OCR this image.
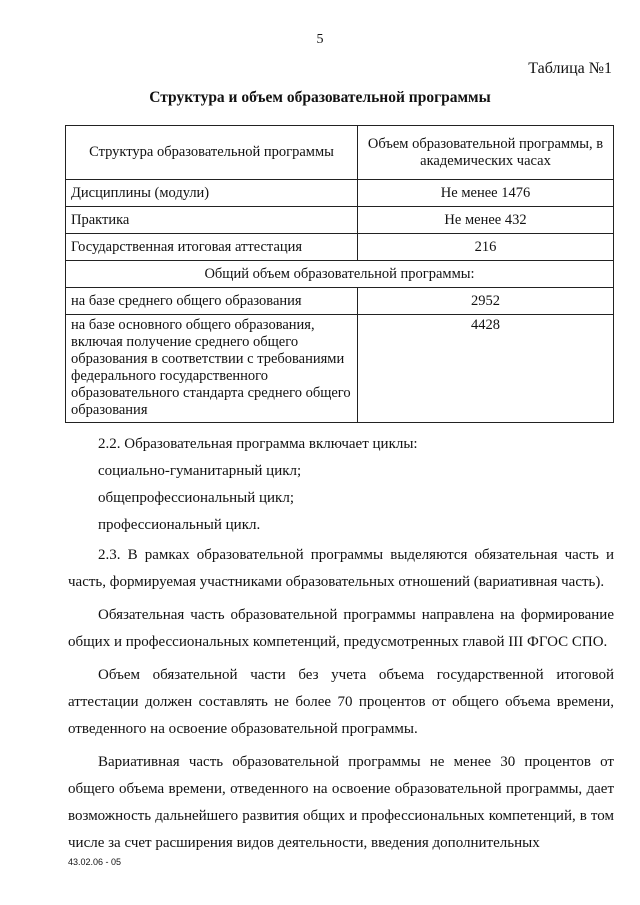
5
Таблица №1
Структура и объем образовательной программы
Структура образовательной программы	Объем образовательной программы, в академических часах
Дисциплины (модули)	Не менее 1476
Практика	Не менее 432
Государственная итоговая аттестация	216
Общий объем образовательной программы:	
на базе среднего общего образования	2952
на базе основного общего образования, включая получение среднего общего образования в соответствии с требованиями федерального государственного образовательного стандарта среднего общего образования	4428

2.2. Образовательная программа включает циклы:

социально-гуманитарный цикл;

общепрофессиональный цикл;

профессиональный цикл.

2.3. В рамках образовательной программы выделяются обязательная часть и часть, формируемая участниками образовательных отношений (вариативная часть).

Обязательная часть образовательной программы направлена на формирование общих и профессиональных компетенций, предусмотренных главой III ФГОС СПО.

Объем обязательной части без учета объема государственной итоговой аттестации должен составлять не более 70 процентов от общего объема времени, отведенного на освоение образовательной программы.

Вариативная часть образовательной программы не менее 30 процентов от общего объема времени, отведенного на освоение образовательной программы, дает возможность дальнейшего развития общих и профессиональных компетенций, в том числе за счет расширения видов деятельности, введения дополнительных

43.02.06 - 05
